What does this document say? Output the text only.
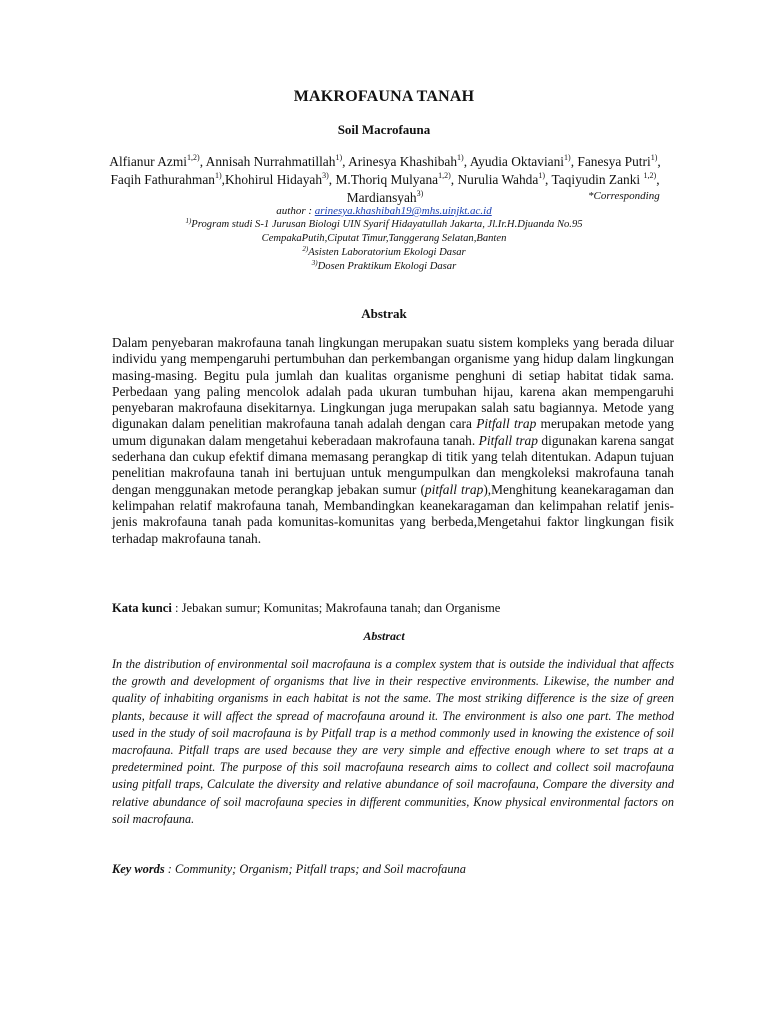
MAKROFAUNA TANAH
Soil Macrofauna
Alfianur Azmi$^{1,2)}$, Annisah Nurrahmatillah$^{1)}$, Arinesya Khashibah$^{1)}$, Ayudia Oktaviani$^{1)}$, Fanesya Putri$^{1)}$, Faqih Fathurahman$^{1)}$,Khohirul Hidayah$^{3)}$, M.Thoriq Mulyana$^{1,2)}$, Nurulia Wahda$^{1)}$, Taqiyudin Zanki $^{1,2)}$, Mardiansyah$^{3)}$	*Corresponding
author : arinesya.khashibah19@mhs.uinjkt.ac.id
$^{1)}$Program studi S-1 Jurusan Biologi UIN Syarif Hidayatullah Jakarta, Jl.Ir.H.Djuanda No.95
CempakaPutih,Ciputat Timur,Tanggerang Selatan,Banten
$^{2)}$Asisten Laboratorium Ekologi Dasar
$^{3)}$Dosen Praktikum Ekologi Dasar
Abstrak
Dalam penyebaran makrofauna tanah lingkungan merupakan suatu sistem kompleks yang berada diluar individu yang mempengaruhi pertumbuhan dan perkembangan organisme yang hidup dalam lingkungan masing-masing. Begitu pula jumlah dan kualitas organisme penghuni di setiap habitat tidak sama. Perbedaan yang paling mencolok adalah pada ukuran tumbuhan hijau, karena akan mempengaruhi penyebaran makrofauna disekitarnya. Lingkungan juga merupakan salah satu bagiannya. Metode yang digunakan dalam penelitian makrofauna tanah adalah dengan cara Pitfall trap merupakan metode yang umum digunakan dalam mengetahui keberadaan makrofauna tanah. Pitfall trap digunakan karena sangat sederhana dan cukup efektif dimana memasang perangkap di titik yang telah ditentukan. Adapun tujuan penelitian makrofauna tanah ini bertujuan untuk mengumpulkan dan mengkoleksi makrofauna tanah dengan menggunakan metode perangkap jebakan sumur (pitfall trap),Menghitung keanekaragaman dan kelimpahan relatif makrofauna tanah, Membandingkan keanekaragaman dan kelimpahan relatif jenis-jenis makrofauna tanah pada komunitas-komunitas yang berbeda,Mengetahui faktor lingkungan fisik terhadap makrofauna tanah.
Kata kunci : Jebakan sumur; Komunitas; Makrofauna tanah; dan Organisme
Abstract
In the distribution of environmental soil macrofauna is a complex system that is outside the individual that affects the growth and development of organisms that live in their respective environments. Likewise, the number and quality of inhabiting organisms in each habitat is not the same. The most striking difference is the size of green plants, because it will affect the spread of macrofauna around it. The environment is also one part. The method used in the study of soil macrofauna is by Pitfall trap is a method commonly used in knowing the existence of soil macrofauna. Pitfall traps are used because they are very simple and effective enough where to set traps at a predetermined point. The purpose of this soil macrofauna research aims to collect and collect soil macrofauna using pitfall traps, Calculate the diversity and relative abundance of soil macrofauna, Compare the diversity and relative abundance of soil macrofauna species in different communities, Know physical environmental factors on soil macrofauna.
Key words : Community; Organism; Pitfall traps; and Soil macrofauna
